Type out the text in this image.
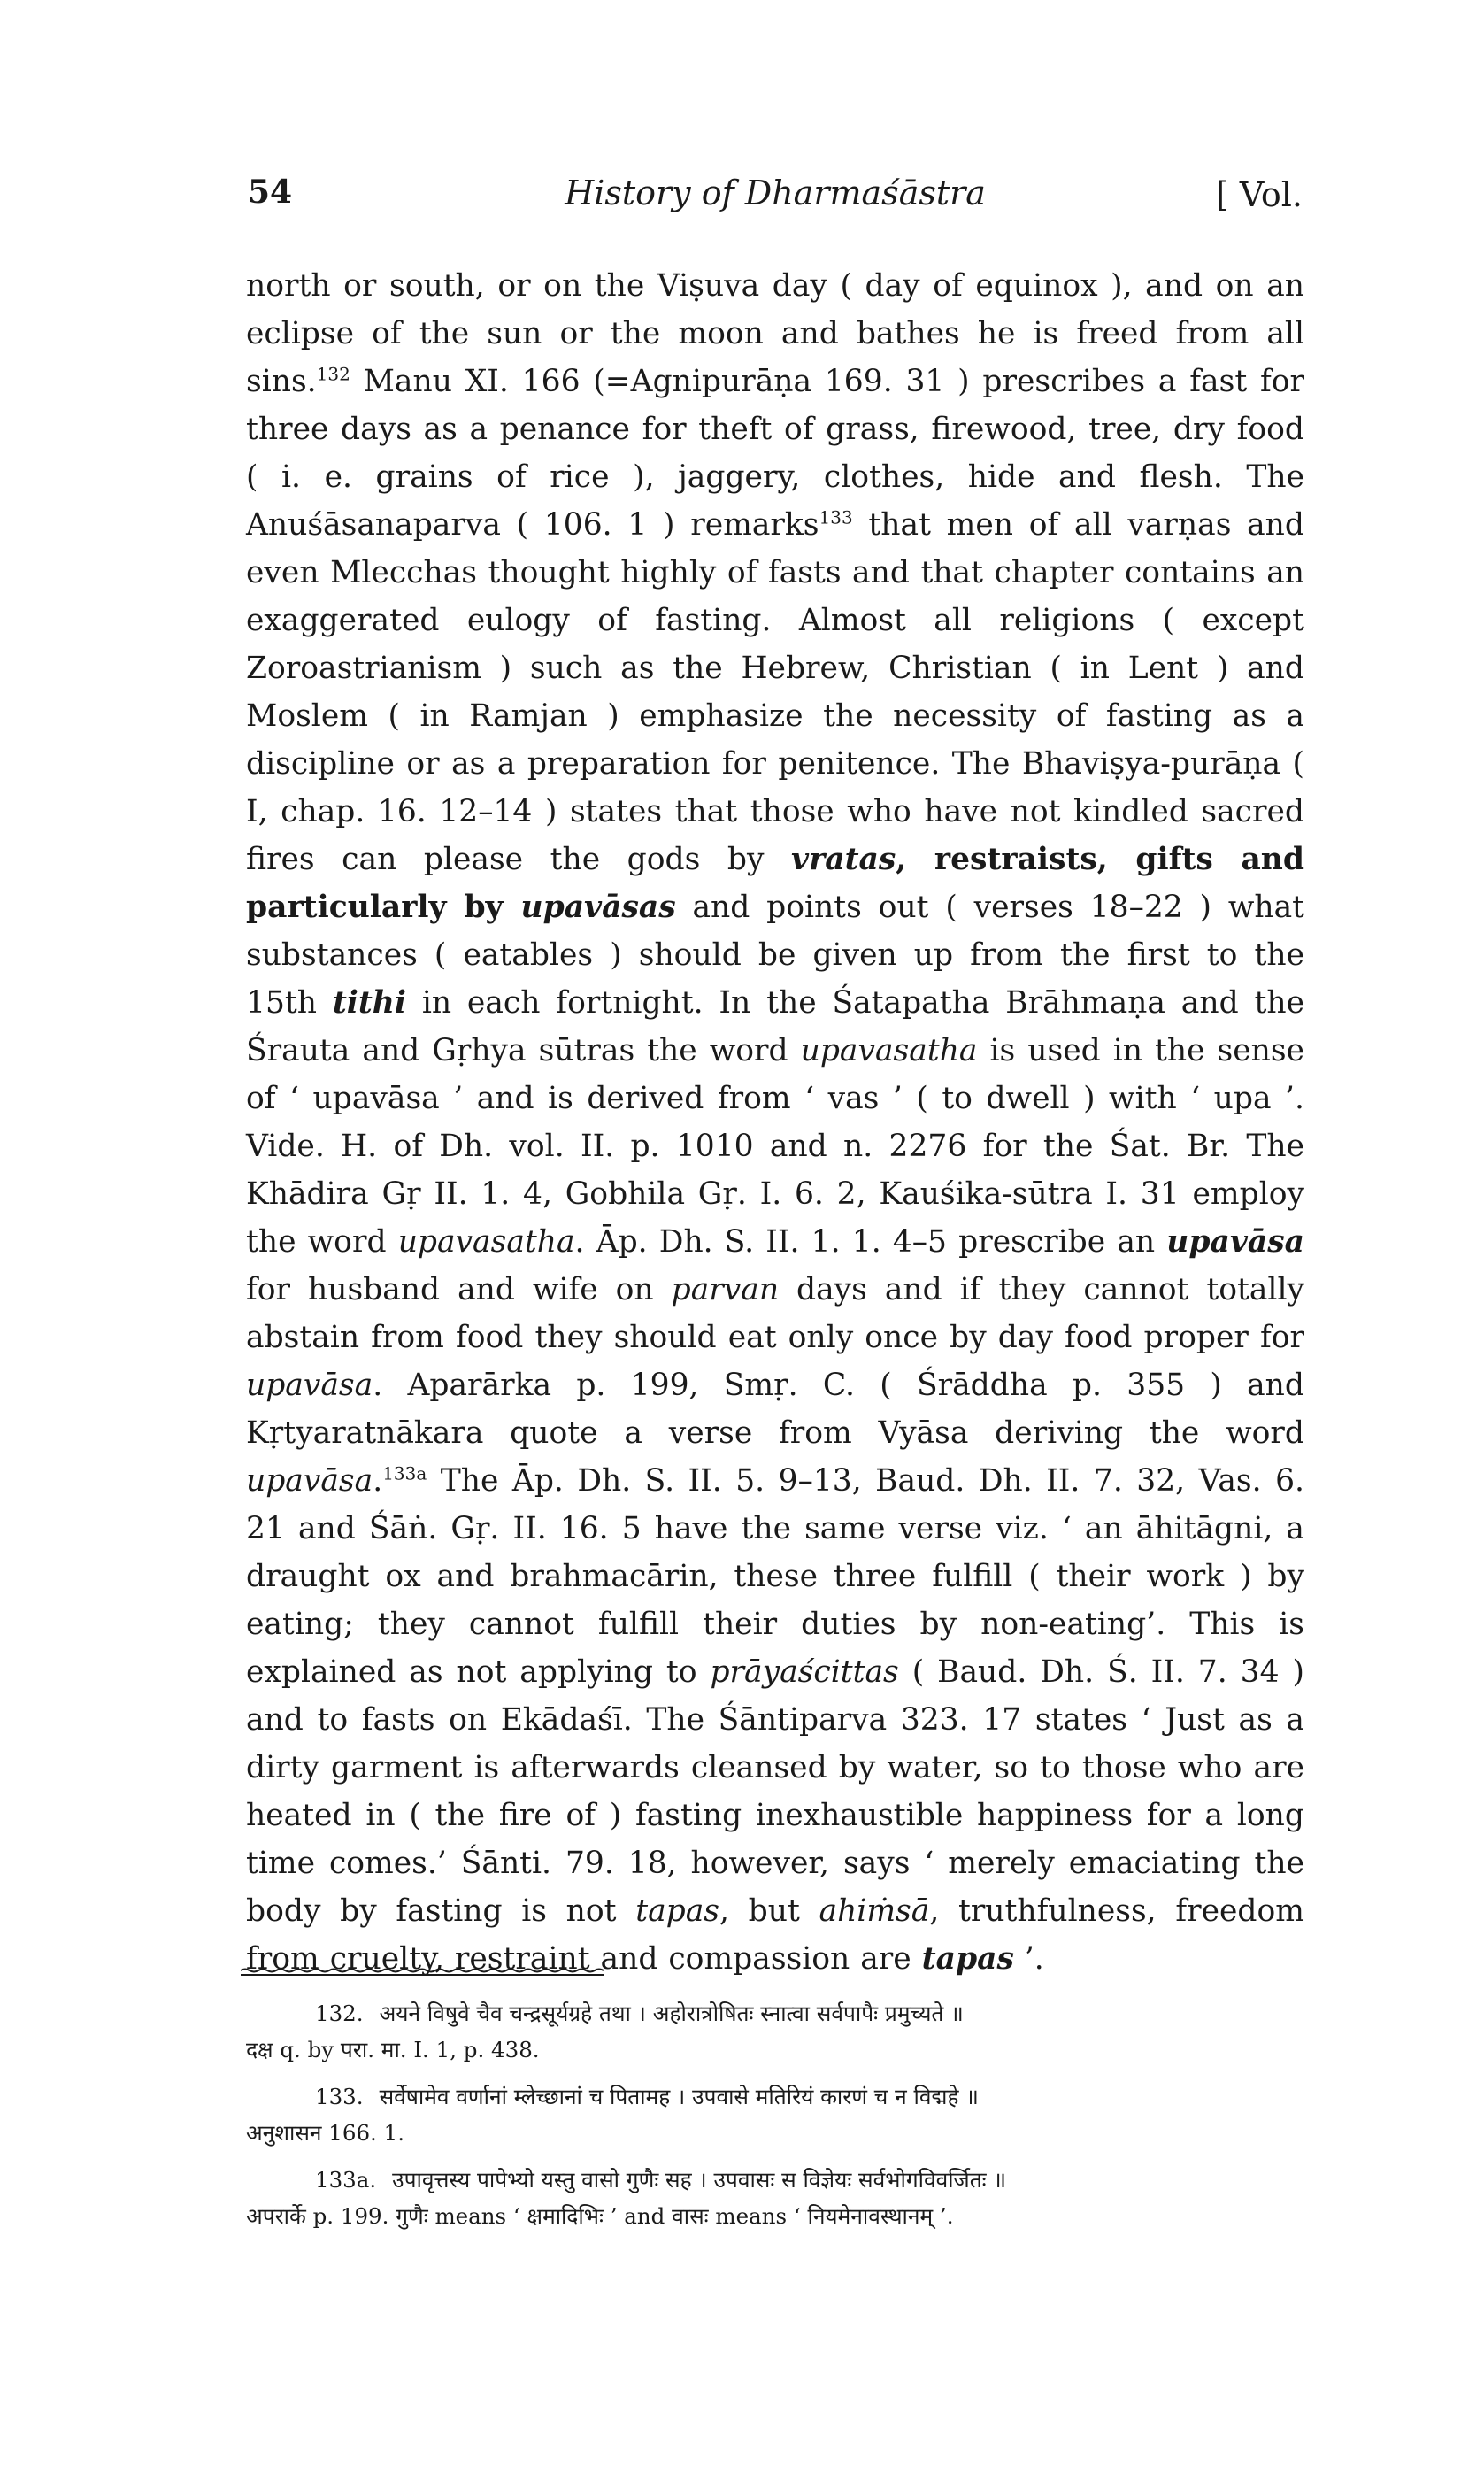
54	History of Dharmaśāstra	[ Vol.

north or south, or on the Viṣuva day ( day of equinox ), and on an eclipse of the sun or the moon and bathes he is freed from all sins.$^{132}$ Manu XI. 166 (=Agnipurāṇa 169. 31 ) prescribes a fast for three days as a penance for theft of grass, firewood, tree, dry food ( i. e. grains of rice ), jaggery, clothes, hide and flesh. The Anuśāsanaparva ( 106. 1 ) remarks$^{133}$ that men of all varṇas and even Mlecchas thought highly of fasts and that chapter contains an exaggerated eulogy of fasting. Almost all religions ( except Zoroastrianism ) such as the Hebrew, Christian ( in Lent ) and Moslem ( in Ramjan ) emphasize the necessity of fasting as a discipline or as a preparation for penitence. The Bhaviṣya-purāṇa ( I, chap. 16. 12–14 ) states that those who have not kindled sacred fires can please the gods by vratas, restraists, gifts and particularly by upavāsas and points out ( verses 18–22 ) what substances ( eatables ) should be given up from the first to the 15th tithi in each fortnight. In the Śatapatha Brāhmaṇa and the Śrauta and Gṛhya sūtras the word upavasatha is used in the sense of ‘ upavāsa ’ and is derived from ‘ vas ’ ( to dwell ) with ‘ upa ’. Vide. H. of Dh. vol. II. p. 1010 and n. 2276 for the Śat. Br. The Khādira Gṛ II. 1. 4, Gobhila Gṛ. I. 6. 2, Kauśika-sūtra I. 31 employ the word upavasatha. Āp. Dh. S. II. 1. 1. 4–5 prescribe an upavāsa for husband and wife on parvan days and if they cannot totally abstain from food they should eat only once by day food proper for upavāsa. Aparārka p. 199, Smṛ. C. ( Śrāddha p. 355 ) and Kṛtyaratnākara quote a verse from Vyāsa deriving the word upavāsa.$^{133a}$ The Āp. Dh. S. II. 5. 9–13, Baud. Dh. II. 7. 32, Vas. 6. 21 and Śāṅ. Gṛ. II. 16. 5 have the same verse viz. ‘ an āhitāgni, a draught ox and brahmacārin, these three fulfill ( their work ) by eating; they cannot fulfill their duties by non-eating’. This is explained as not applying to prāyaścittas ( Baud. Dh. Ś. II. 7. 34 ) and to fasts on Ekādaśī. The Śāntiparva 323. 17 states ‘ Just as a dirty garment is afterwards cleansed by water, so to those who are heated in ( the fire of ) fasting inexhaustible happiness for a long time comes.’ Śānti. 79. 18, however, says ‘ merely emaciating the body by fasting is not tapas, but ahiṁsā, truthfulness, freedom from cruelty, restraint and compassion are tapas ’.

132. अयने विषुवे चैव चन्द्रसूर्यग्रहे तथा । अहोरात्रोषितः स्नात्वा सर्वपापैः प्रमुच्यते ॥
दक्ष q. by परा. मा. I. 1, p. 438.
133. सर्वेषामेव वर्णानां म्लेच्छानां च पितामह । उपवासे मतिरियं कारणं च न विद्महे ॥
अनुशासन 166. 1.
133a. उपावृत्तस्य पापेभ्यो यस्तु वासो गुणैः सह । उपवासः स विज्ञेयः सर्वभोगविवर्जितः ॥
अपरार्के p. 199. गुणैः means ‘ क्षमादिभिः ’ and वासः means ‘ नियमेनावस्थानम् ’.
